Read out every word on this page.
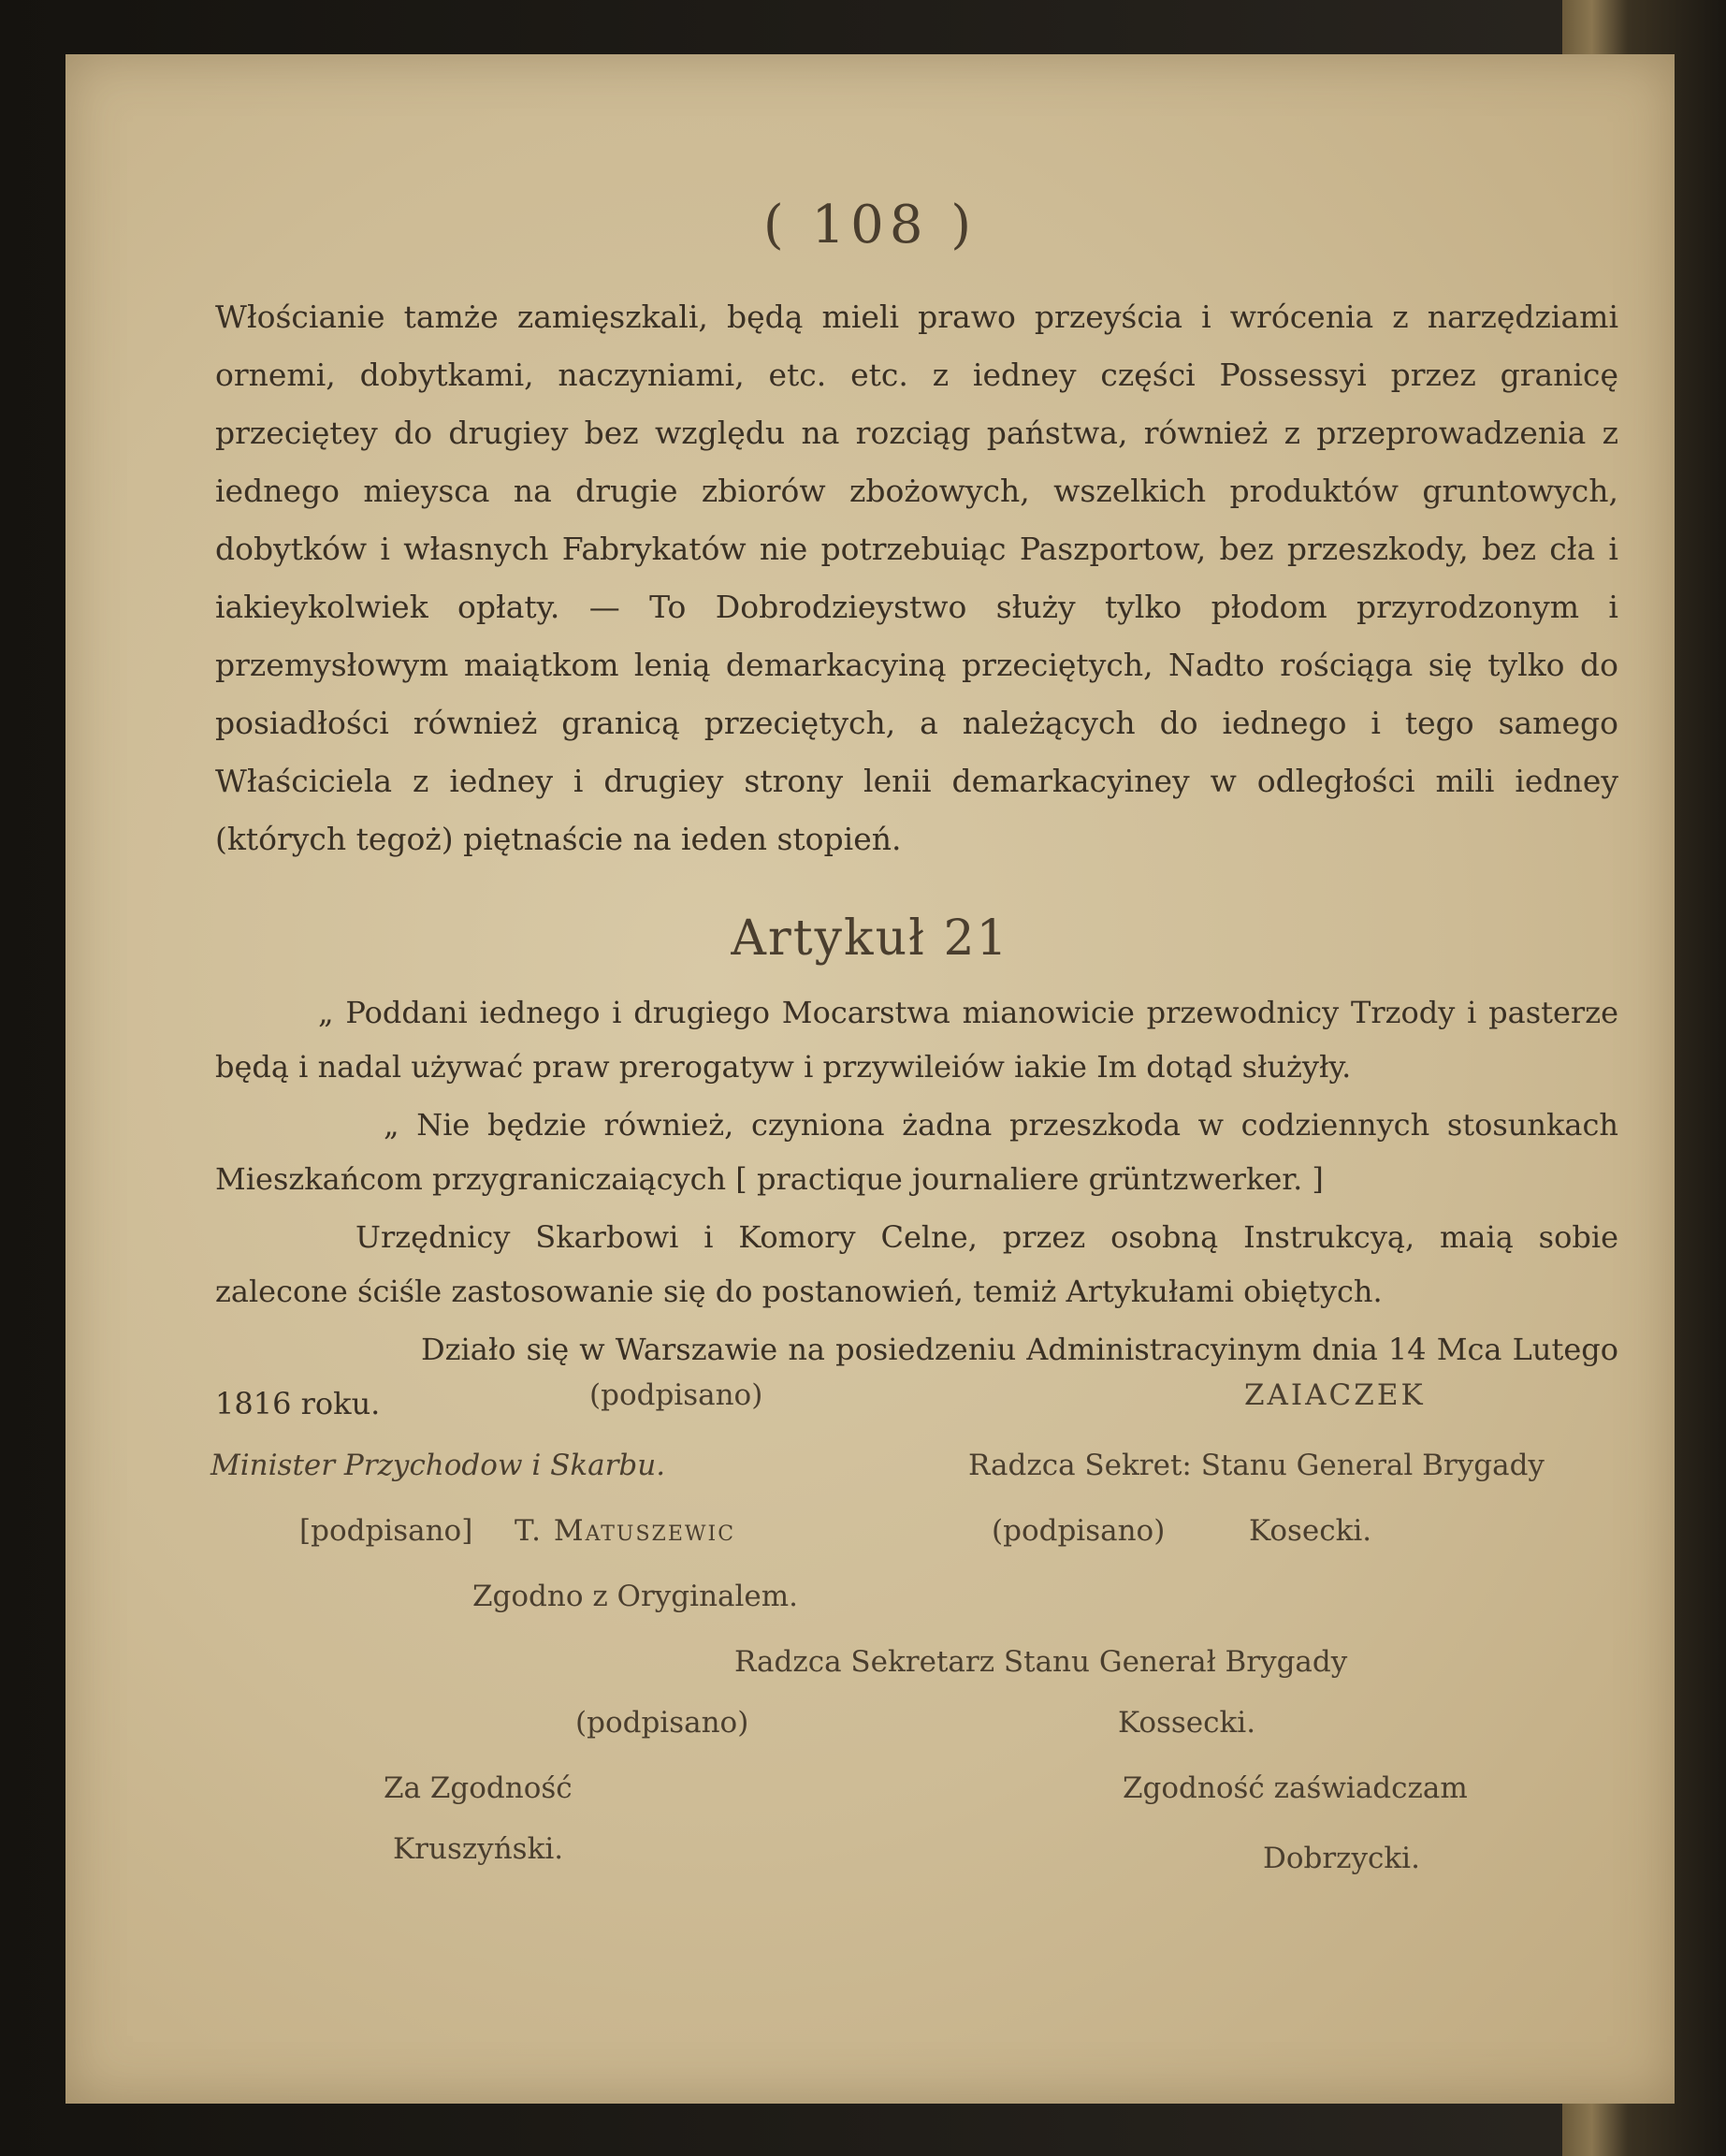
( 108 )
Włościanie tamże zamięszkali, będą mieli prawo przeyścia i wrócenia z narzędziami ornemi, dobytkami, naczyniami, etc. etc. z iedney części Possessyi przez granicę przeciętey do drugiey bez względu na rozciąg państwa, również z przeprowadzenia z iednego mieysca na drugie zbiorów zbożowych, wszelkich produktów gruntowych, dobytków i własnych Fabrykatów nie potrzebuiąc Paszportow, bez przeszkody, bez cła i iakieykolwiek opłaty. — To Dobrodzieystwo służy tylko płodom przyrodzonym i przemysłowym maiątkom lenią demarkacyiną przeciętych, Nadto rościąga się tylko do posiadłości również granicą przeciętych, a należących do iednego i tego samego Właściciela z iedney i drugiey strony lenii demarkacyiney w odległości mili iedney (których tegoż) piętnaście na ieden stopień.
Artykuł 21
„ Poddani iednego i drugiego Mocarstwa mianowicie przewodnicy Trzody i pasterze będą i nadal używać praw prerogatyw i przywileiów iakie Im dotąd służyły.
„ Nie będzie również, czyniona żadna przeszkoda w codziennych stosunkach Mieszkańcom przygraniczaiących [ practique journaliere grüntzwerker. ]
Urzędnicy Skarbowi i Komory Celne, przez osobną Instrukcyą, maią sobie zalecone ściśle zastosowanie się do postanowień, temiż Artykułami obiętych.
Działo się w Warszawie na posiedzeniu Administracyinym dnia 14 Mca Lutego 1816 roku.	(podpisano)	ZAIACZEK
Minister Przychodow i Skarbu.	Radzca Sekret: Stanu General Brygady
[podpisano] T. Matuszewic	(podpisano)	Kosecki.
Zgodno z Oryginalem.
Radzca Sekretarz Stanu Generał Brygady
(podpisano)	Kossecki.
Za Zgodność	Zgodność zaświadczam
Kruszyński.	Dobrzycki.
